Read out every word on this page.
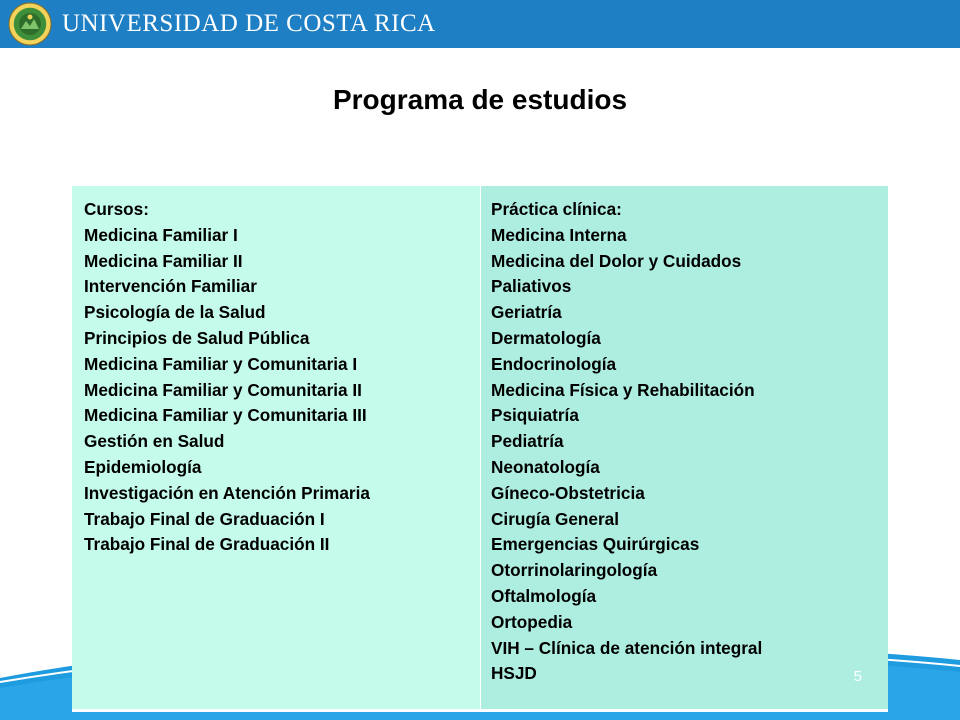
UNIVERSIDAD DE COSTA RICA
Programa de estudios
Cursos:
Medicina Familiar I
Medicina Familiar II
Intervención Familiar
Psicología de la Salud
Principios de Salud Pública
Medicina Familiar y Comunitaria I
Medicina Familiar y Comunitaria II
Medicina Familiar y Comunitaria III
Gestión en Salud
Epidemiología
Investigación en Atención Primaria
Trabajo Final de Graduación I
Trabajo Final de Graduación II
Práctica clínica:
Medicina Interna
Medicina del Dolor y Cuidados
Paliativos
Geriatría
Dermatología
Endocrinología
Medicina Física y Rehabilitación
Psiquiatría
Pediatría
Neonatología
Gíneco-Obstetricia
Cirugía General
Emergencias Quirúrgicas
Otorrinolaringología
Oftalmología
Ortopedia
VIH – Clínica de atención integral
HSJD	5
